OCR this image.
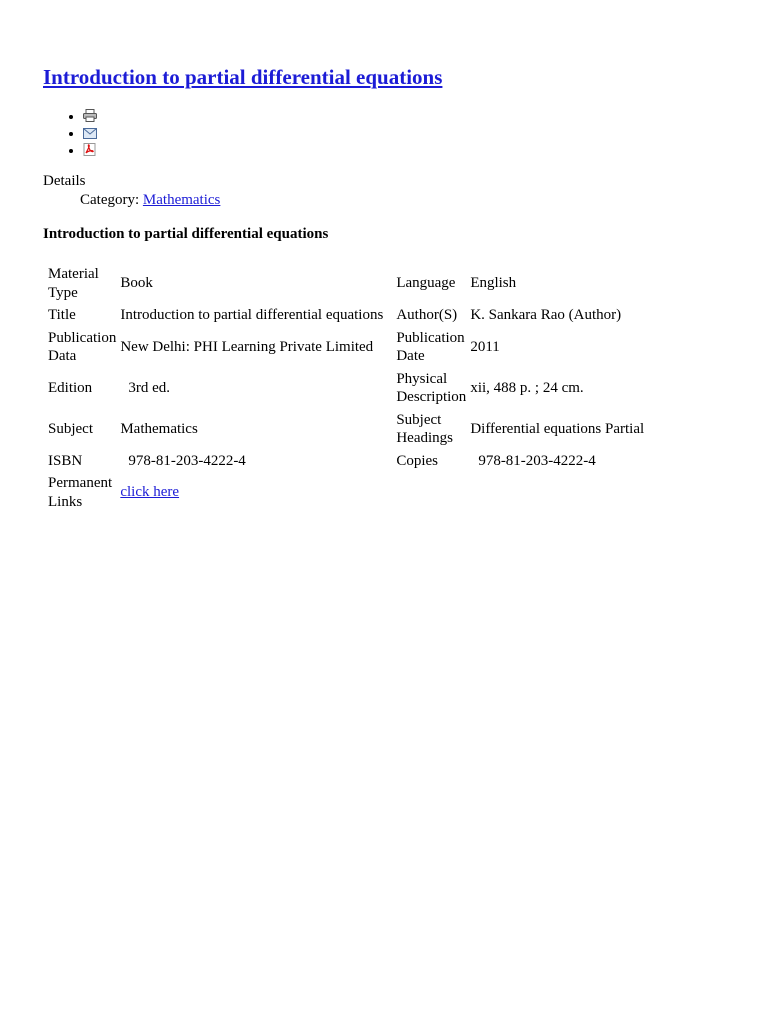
Introduction to partial differential equations
•
•
•
Details
Category: Mathematics
Introduction to partial differential equations
Material Type	Book	Language	English
Title	Introduction to partial differential equations	Author(S)	K. Sankara Rao (Author)
Publication Data	New Delhi: PHI Learning Private Limited	Publication Date	2011
Edition	3rd ed.	Physical Description	xii, 488 p. ; 24 cm.
Subject	Mathematics	Subject Headings	Differential equations Partial
ISBN	978-81-203-4222-4	Copies	978-81-203-4222-4
Permanent Links	click here		
